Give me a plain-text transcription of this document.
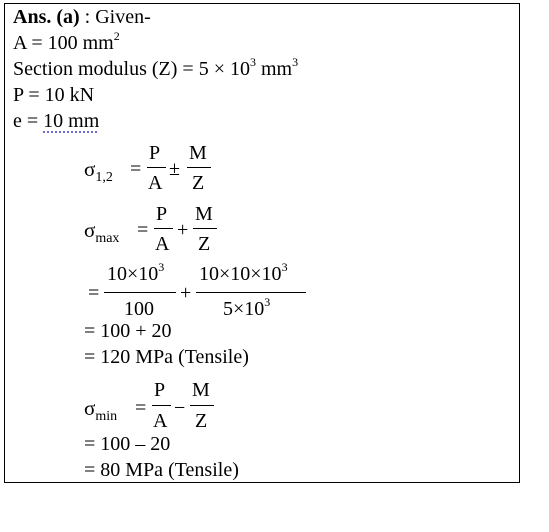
Ans. (a) : Given-
A = 100 $mm^2$
Section modulus $(Z) = 5 \times 10^3$ $mm^3$
P = 10 kN
e = 10 mm
$\sigma_{1,2}$ =
P
A
±
M
Z
$\sigma_{max}$ =
P
A
+
M
Z
=
$10\times 10^3$
100
+
$10\times 10\times 10^3$
$5\times 10^3$
= 100 + 20
= 120 MPa (Tensile)
$\sigma_{min}$ =
P
A
−
M
Z
= 100 – 20
= 80 MPa (Tensile)
